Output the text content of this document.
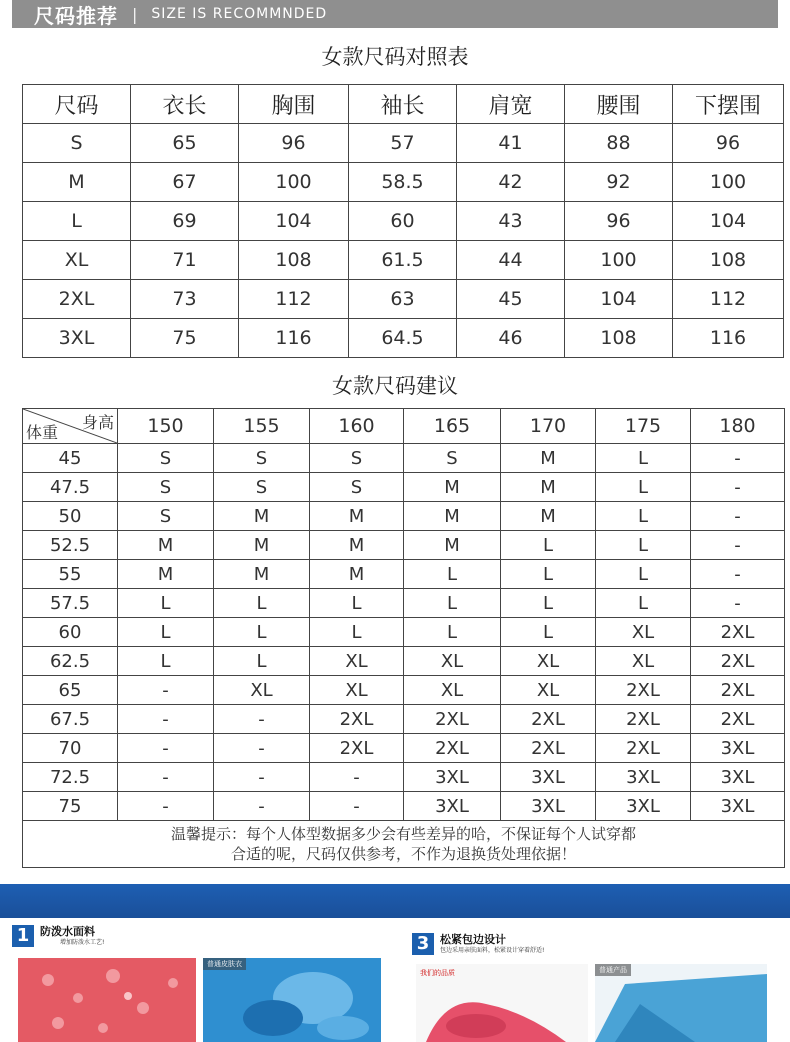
尺码推荐 | SIZE IS RECOMMNDED
女款尺码对照表
尺码	衣长	胸围	袖长	肩宽	腰围	下摆围
S	65	96	57	41	88	96
M	67	100	58.5	42	92	100
L	69	104	60	43	96	104
XL	71	108	61.5	44	100	108
2XL	73	112	63	45	104	112
3XL	75	116	64.5	46	108	116
女款尺码建议
身高
体重	150	155	160	165	170	175	180
45	S	S	S	S	M	L	-
47.5	S	S	S	M	M	L	-
50	S	M	M	M	M	L	-
52.5	M	M	M	M	L	L	-
55	M	M	M	L	L	L	-
57.5	L	L	L	L	L	L	-
60	L	L	L	L	L	XL	2XL
62.5	L	L	XL	XL	XL	XL	2XL
65	-	XL	XL	XL	XL	2XL	2XL
67.5	-	-	2XL	2XL	2XL	2XL	2XL
70	-	-	2XL	2XL	2XL	2XL	3XL
72.5	-	-	-	3XL	3XL	3XL	3XL
75	-	-	-	3XL	3XL	3XL	3XL

温馨提示：每个人体型数据多少会有些差异的哈，不保证每个人试穿都
合适的呢，尺码仅供参考，不作为退换货处理依据！							
1 防泼水面料
增加防泼水工艺!
普通皮肤衣
3 松紧包边设计
包边采用亲肤面料，松紧设计穿着舒适!
我们的品质	普通产品
